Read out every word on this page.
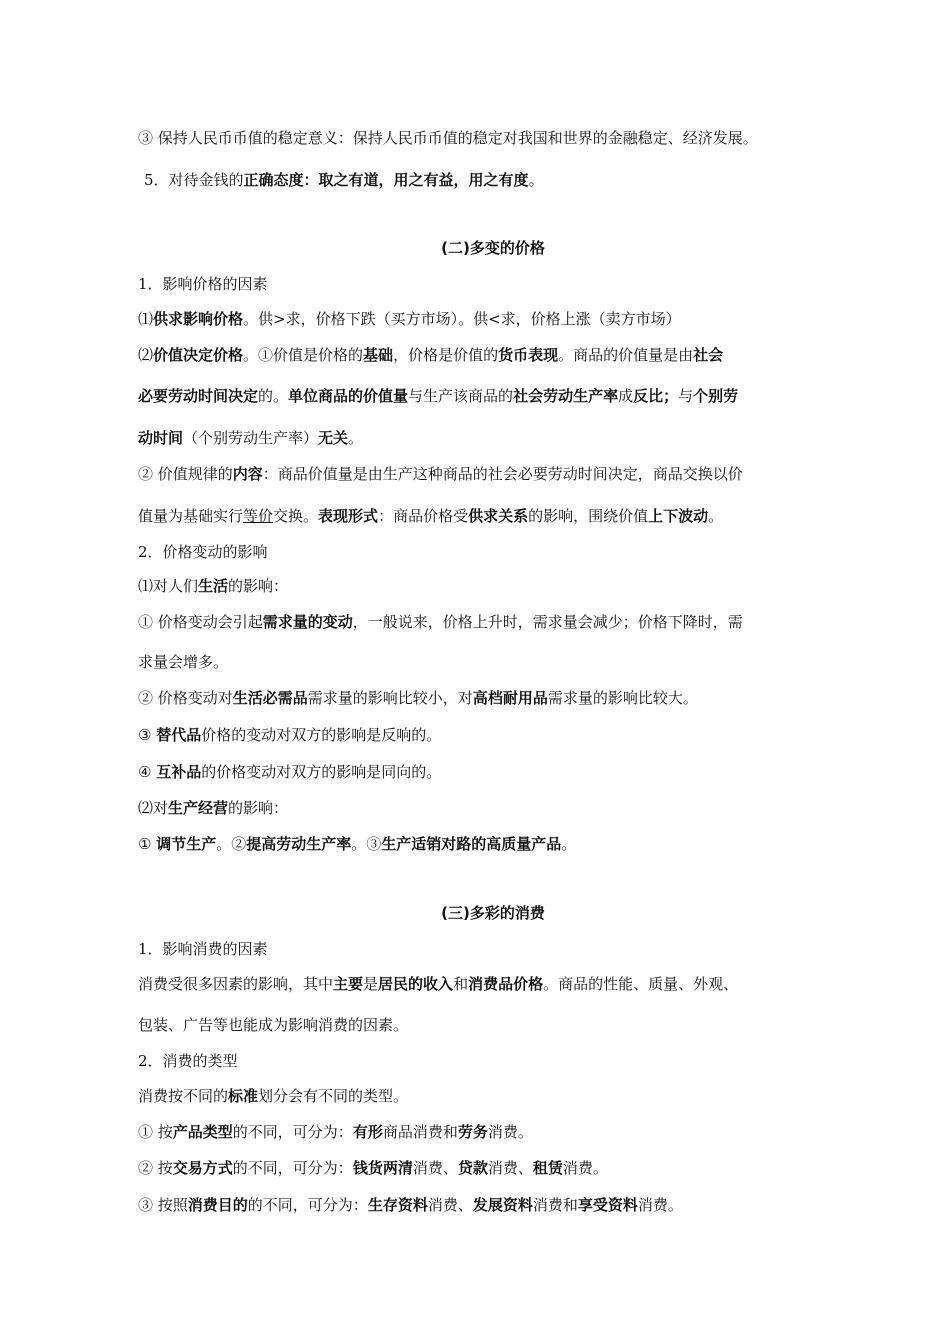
③ 保持人民币币值的稳定意义：保持人民币币值的稳定对我国和世界的金融稳定、经济发展。
5．对待金钱的正确态度：取之有道，用之有益，用之有度。
(二)多变的价格
1．影响价格的因素
⑴供求影响价格。供>求，价格下跌（买方市场）。供<求，价格上涨（卖方市场）
⑵价值决定价格。①价值是价格的基础，价格是价值的货币表现。商品的价值量是由社会
必要劳动时间决定的。单位商品的价值量与生产该商品的社会劳动生产率成反比；与个别劳
动时间（个别劳动生产率）无关。
② 价值规律的内容：商品价值量是由生产这种商品的社会必要劳动时间决定，商品交换以价
值量为基础实行等价交换。表现形式：商品价格受供求关系的影响，围绕价值上下波动。
2．价格变动的影响
⑴对人们生活的影响：
① 价格变动会引起需求量的变动，一般说来，价格上升时，需求量会减少；价格下降时，需
求量会增多。
② 价格变动对生活必需品需求量的影响比较小，对高档耐用品需求量的影响比较大。
③ 替代品价格的变动对双方的影响是反响的。
④ 互补品的价格变动对双方的影响是同向的。
⑵对生产经营的影响：
① 调节生产。②提高劳动生产率。③生产适销对路的高质量产品。
(三)多彩的消费
1．影响消费的因素
消费受很多因素的影响，其中主要是居民的收入和消费品价格。商品的性能、质量、外观、
包装、广告等也能成为影响消费的因素。
2．消费的类型
消费按不同的标准划分会有不同的类型。
① 按产品类型的不同，可分为：有形商品消费和劳务消费。
② 按交易方式的不同，可分为：钱货两清消费、贷款消费、租赁消费。
③ 按照消费目的的不同，可分为：生存资料消费、发展资料消费和享受资料消费。
